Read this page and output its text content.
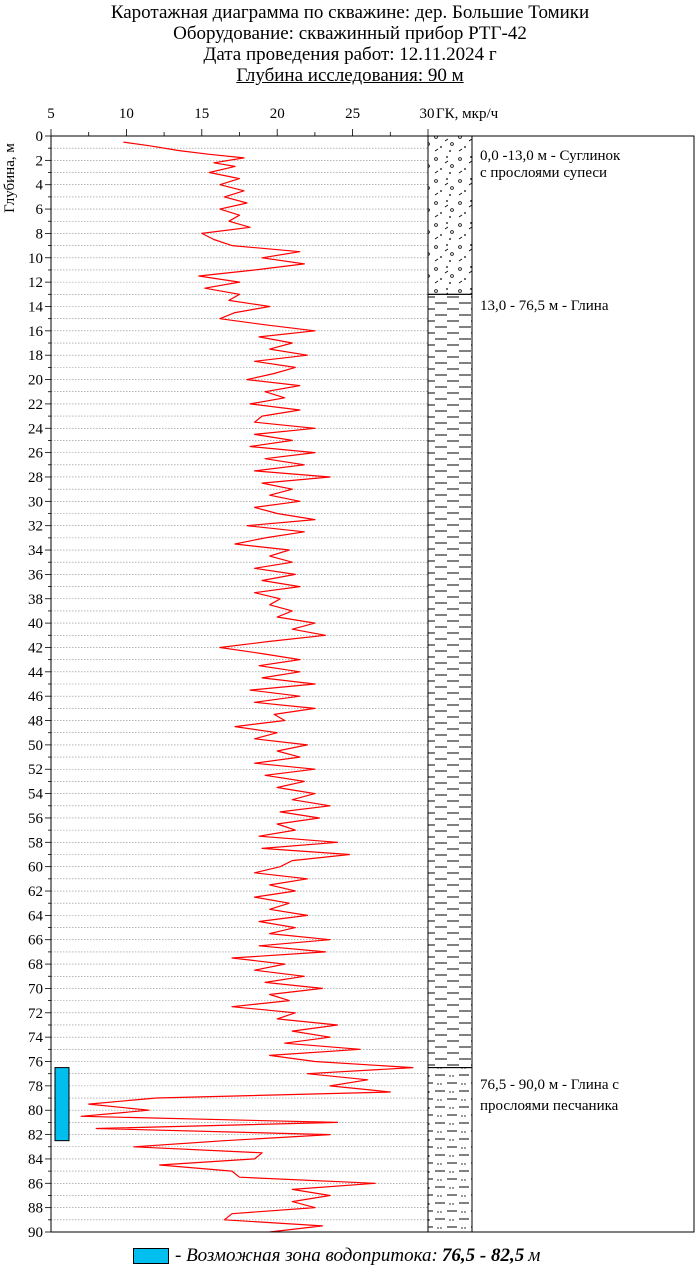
Каротажная диаграмма по скважине: дер. Большие Томики
Оборудование: скважинный прибор РТГ-42
Дата проведения работ: 12.11.2024 г
Глубина исследования: 90 м
5	10	15	20	25	30 ГК, мкр/ч
0
2
4
6
8
10
12
14
16
18
20
22
24
26
28
30
32
34
36
38
40
42
44
46
48
50
52
54
56
58
60
62
64
66
68
70
72
74
76
78
80
82
84
86
88
90
Глубина, м	0,0 -13,0 м - Суглинок
с прослоями супеси
13,0 - 76,5 м - Глина
76,5 - 90,0 м - Глина с
прослоями песчаника
-
Возможная зона водопритока: 76,5 - 82,5 м
